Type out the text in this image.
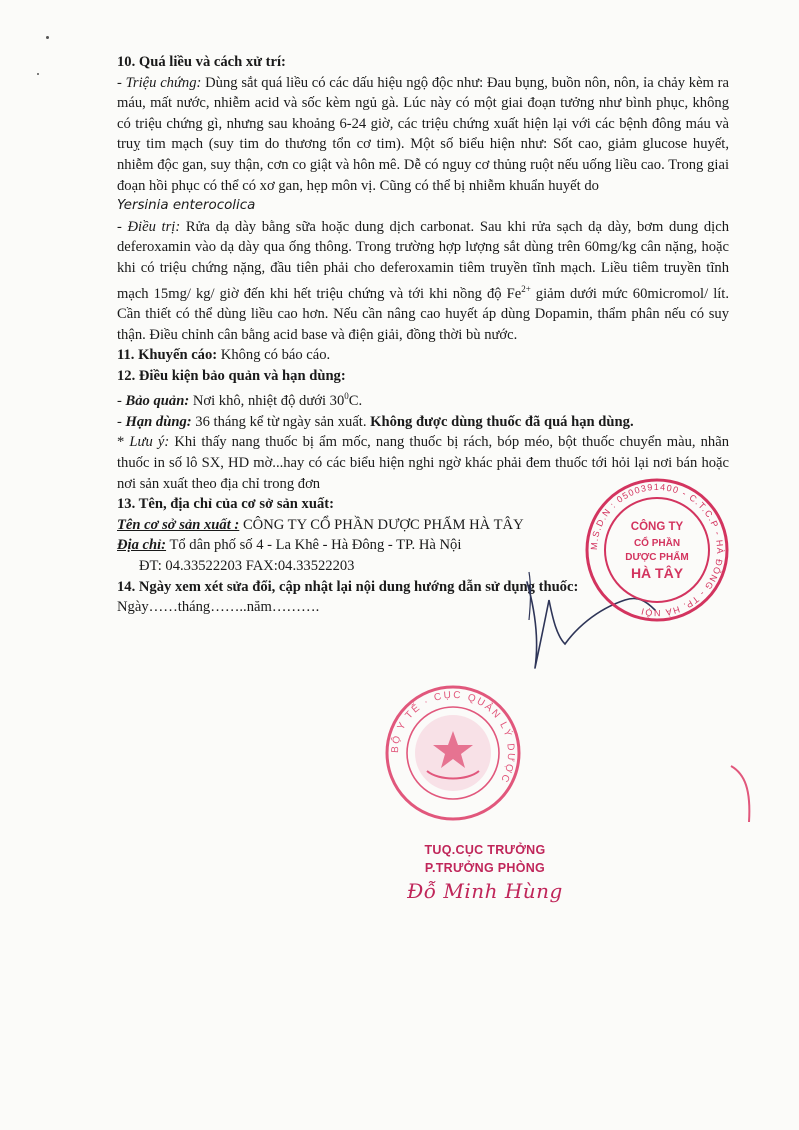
10. Quá liều và cách xử trí:

- Triệu chứng: Dùng sắt quá liều có các dấu hiệu ngộ độc như: Đau bụng, buồn nôn, nôn, ỉa chảy kèm ra máu, mất nước, nhiễm acid và sốc kèm ngủ gà. Lúc này có một giai đoạn tưởng như bình phục, không có triệu chứng gì, nhưng sau khoảng 6-24 giờ, các triệu chứng xuất hiện lại với các bệnh đông máu và truỵ tim mạch (suy tim do thương tổn cơ tim). Một số biểu hiện như: Sốt cao, giảm glucose huyết, nhiễm độc gan, suy thận, cơn co giật và hôn mê. Dễ có nguy cơ thủng ruột nếu uống liều cao. Trong giai đoạn hồi phục có thể có xơ gan, hẹp môn vị. Cũng có thể bị nhiễm khuẩn huyết do

Yersinia enterocolica

- Điều trị: Rửa dạ dày bằng sữa hoặc dung dịch carbonat. Sau khi rửa sạch dạ dày, bơm dung dịch deferoxamin vào dạ dày qua ống thông. Trong trường hợp lượng sắt dùng trên 60mg/kg cân nặng, hoặc khi có triệu chứng nặng, đầu tiên phải cho deferoxamin tiêm truyền tĩnh mạch. Liều tiêm truyền tĩnh mạch 15mg/ kg/ giờ đến khi hết triệu chứng và tới khi nồng độ $Fe^{2+}$ giảm dưới mức 60micromol/ lít. Cần thiết có thể dùng liều cao hơn. Nếu cần nâng cao huyết áp dùng Dopamin, thẩm phân nếu có suy thận. Điều chỉnh cân bằng acid base và điện giải, đồng thời bù nước.

11. Khuyến cáo: Không có báo cáo.

12. Điều kiện bảo quản và hạn dùng:

- Bảo quản: Nơi khô, nhiệt độ dưới $30^0C$.

- Hạn dùng: 36 tháng kể từ ngày sản xuất. Không được dùng thuốc đã quá hạn dùng.

* Lưu ý: Khi thấy nang thuốc bị ẩm mốc, nang thuốc bị rách, bóp méo, bột thuốc chuyển màu, nhãn thuốc in số lô SX, HD mờ...hay có các biểu hiện nghi ngờ khác phải đem thuốc tới hỏi lại nơi bán hoặc nơi sản xuất theo địa chỉ trong đơn

13. Tên, địa chỉ của cơ sở sản xuất:

Tên cơ sở sản xuất : CÔNG TY CỔ PHẦN DƯỢC PHẨM HÀ TÂY

Địa chỉ: Tổ dân phố số 4 - La Khê - Hà Đông - TP. Hà Nội

ĐT: 04.33522203 FAX:04.33522203

14. Ngày xem xét sửa đổi, cập nhật lại nội dung hướng dẫn sử dụng thuốc:

Ngày……tháng……..năm……….

M.S.D.N : 0500391400 - C.T.C.P - HÀ ĐÔNG - TP. HÀ NỘI
CÔNG TY
CỔ PHẦN
DƯỢC PHẨM
HÀ TÂY
BỘ Y TẾ · CỤC QUẢN LÝ DƯỢC
TUQ.CỤC TRƯỞNG
P.TRƯỞNG PHÒNG
Đỗ Minh Hùng
